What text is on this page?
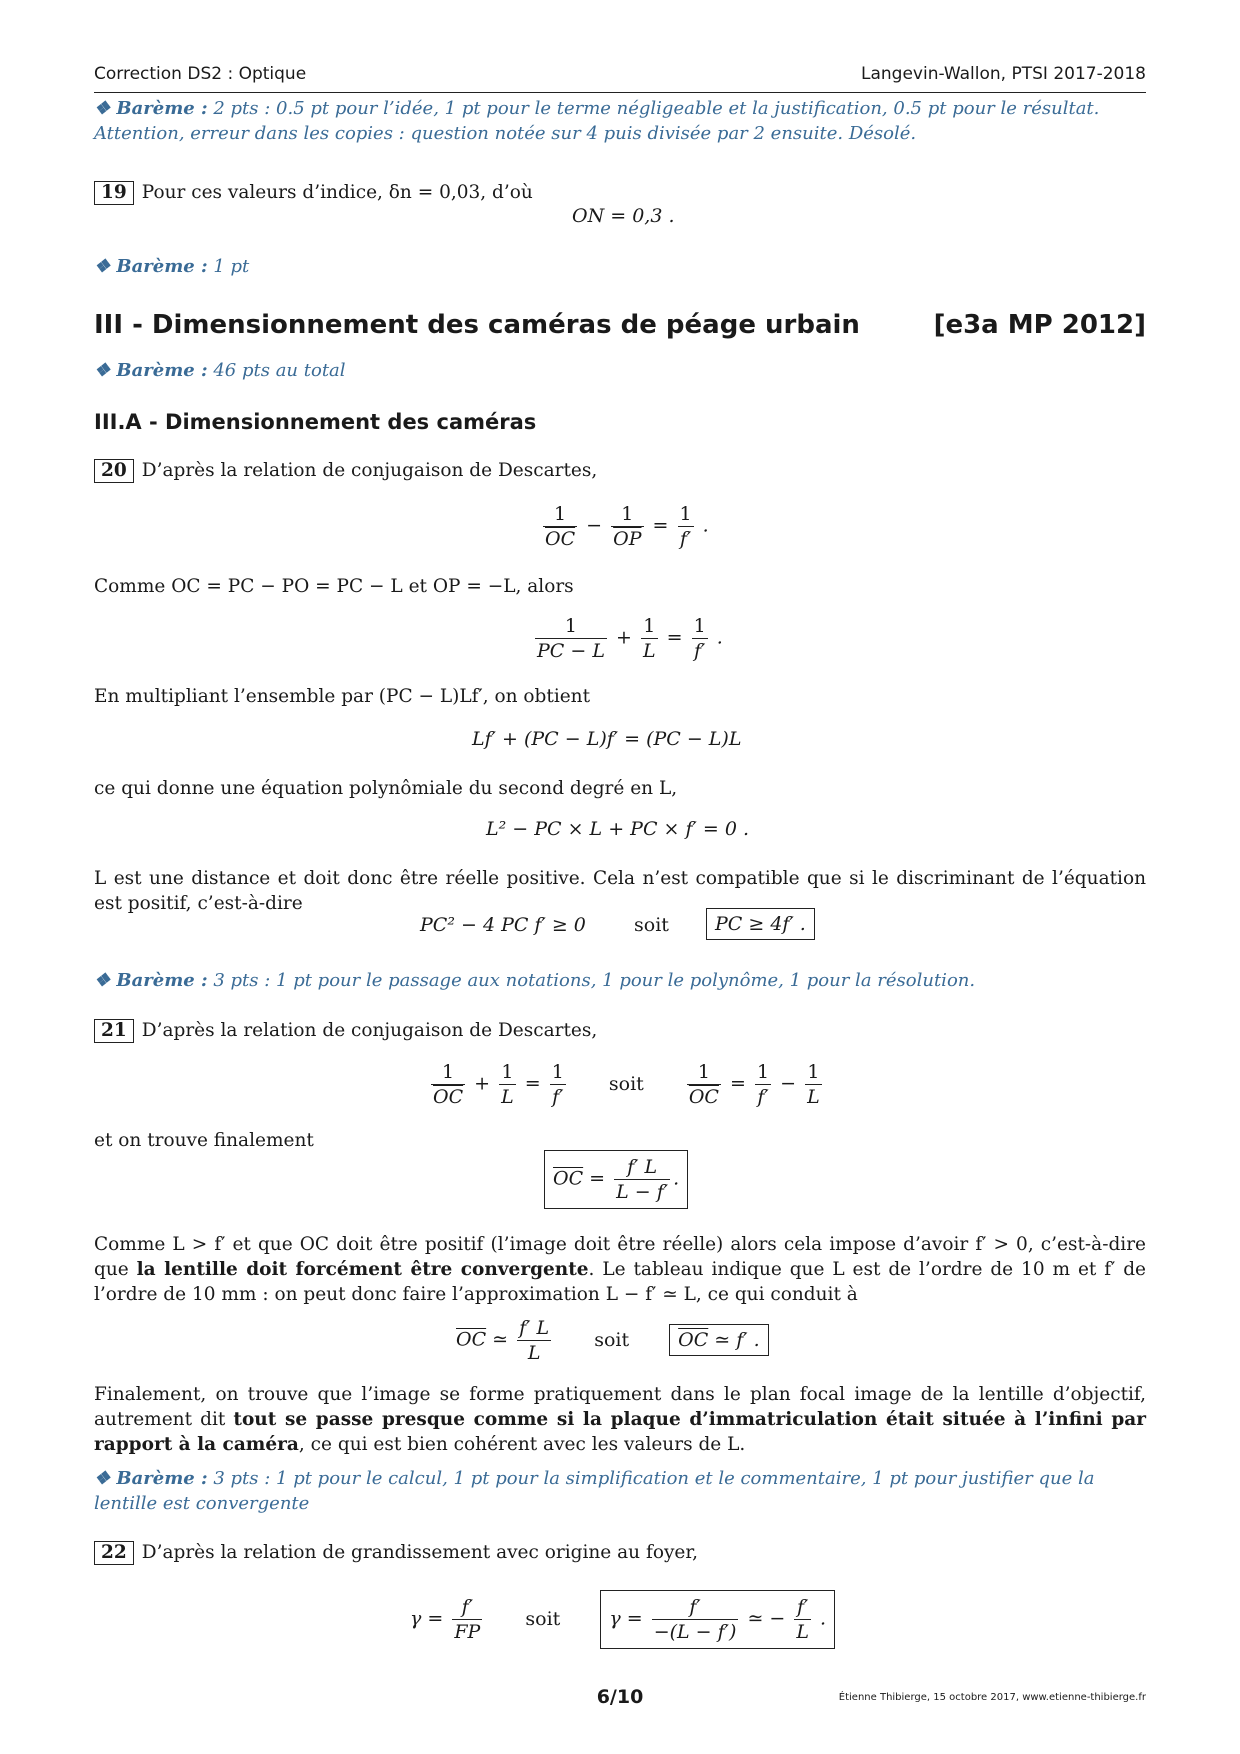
Correction DS2 : Optique	Langevin-Wallon, PTSI 2017-2018
❖ Barème : 2 pts : 0.5 pt pour l’idée, 1 pt pour le terme négligeable et la justification, 0.5 pt pour le résultat. Attention, erreur dans les copies : question notée sur 4 puis divisée par 2 ensuite. Désolé.
19 Pour ces valeurs d’indice, δn = 0,03, d’où
ON = 0,3 .
❖ Barème : 1 pt
III - Dimensionnement des caméras de péage urbain	[e3a MP 2012]
❖ Barème : 46 pts au total
III.A - Dimensionnement des caméras
20 D’après la relation de conjugaison de Descartes,
$\frac{1}{OC} - \frac{1}{OP} = \frac{1}{f'}$ .
Comme OC = PC − PO = PC − L et OP = −L, alors
$\frac{1}{PC - L} + \frac{1}{L} = \frac{1}{f'}$ .
En multipliant l’ensemble par (PC − L)Lf′, on obtient
Lf′ + (PC − L)f′ = (PC − L)L
ce qui donne une équation polynômiale du second degré en L,
L² − PC × L + PC × f′ = 0 .
L est une distance et doit donc être réelle positive. Cela n’est compatible que si le discriminant de l’équation est positif, c’est-à-dire
PC² − 4 PC f′ ≥ 0	soit	PC ≥ 4f′ .
❖ Barème : 3 pts : 1 pt pour le passage aux notations, 1 pour le polynôme, 1 pour la résolution.
21 D’après la relation de conjugaison de Descartes,
$\frac{1}{OC} + \frac{1}{L} = \frac{1}{f'}$ soit $\frac{1}{OC} = \frac{1}{f'} - \frac{1}{L}$
et on trouve finalement
$\overline{OC} = \frac{f' L}{L - f'}$ .
Comme L > f′ et que OC doit être positif (l’image doit être réelle) alors cela impose d’avoir f′ > 0, c’est-à-dire que la lentille doit forcément être convergente. Le tableau indique que L est de l’ordre de 10 m et f′ de l’ordre de 10 mm : on peut donc faire l’approximation L − f′ ≃ L, ce qui conduit à
$\overline{OC}$ ≃ $\frac{f' L}{L}$ soit	$\overline{OC}$ ≃ f′ .
Finalement, on trouve que l’image se forme pratiquement dans le plan focal image de la lentille d’objectif, autrement dit tout se passe presque comme si la plaque d’immatriculation était située à l’infini par rapport à la caméra, ce qui est bien cohérent avec les valeurs de L.
❖ Barème : 3 pts : 1 pt pour le calcul, 1 pt pour la simplification et le commentaire, 1 pt pour justifier que la lentille est convergente
22 D’après la relation de grandissement avec origine au foyer,
$\gamma = \frac{f'}{FP}$ soit	$\gamma = \frac{f'}{-(L - f')}$ ≃ − $\frac{f'}{L}$ .
6/10	Étienne Thibierge, 15 octobre 2017, www.etienne-thibierge.fr
